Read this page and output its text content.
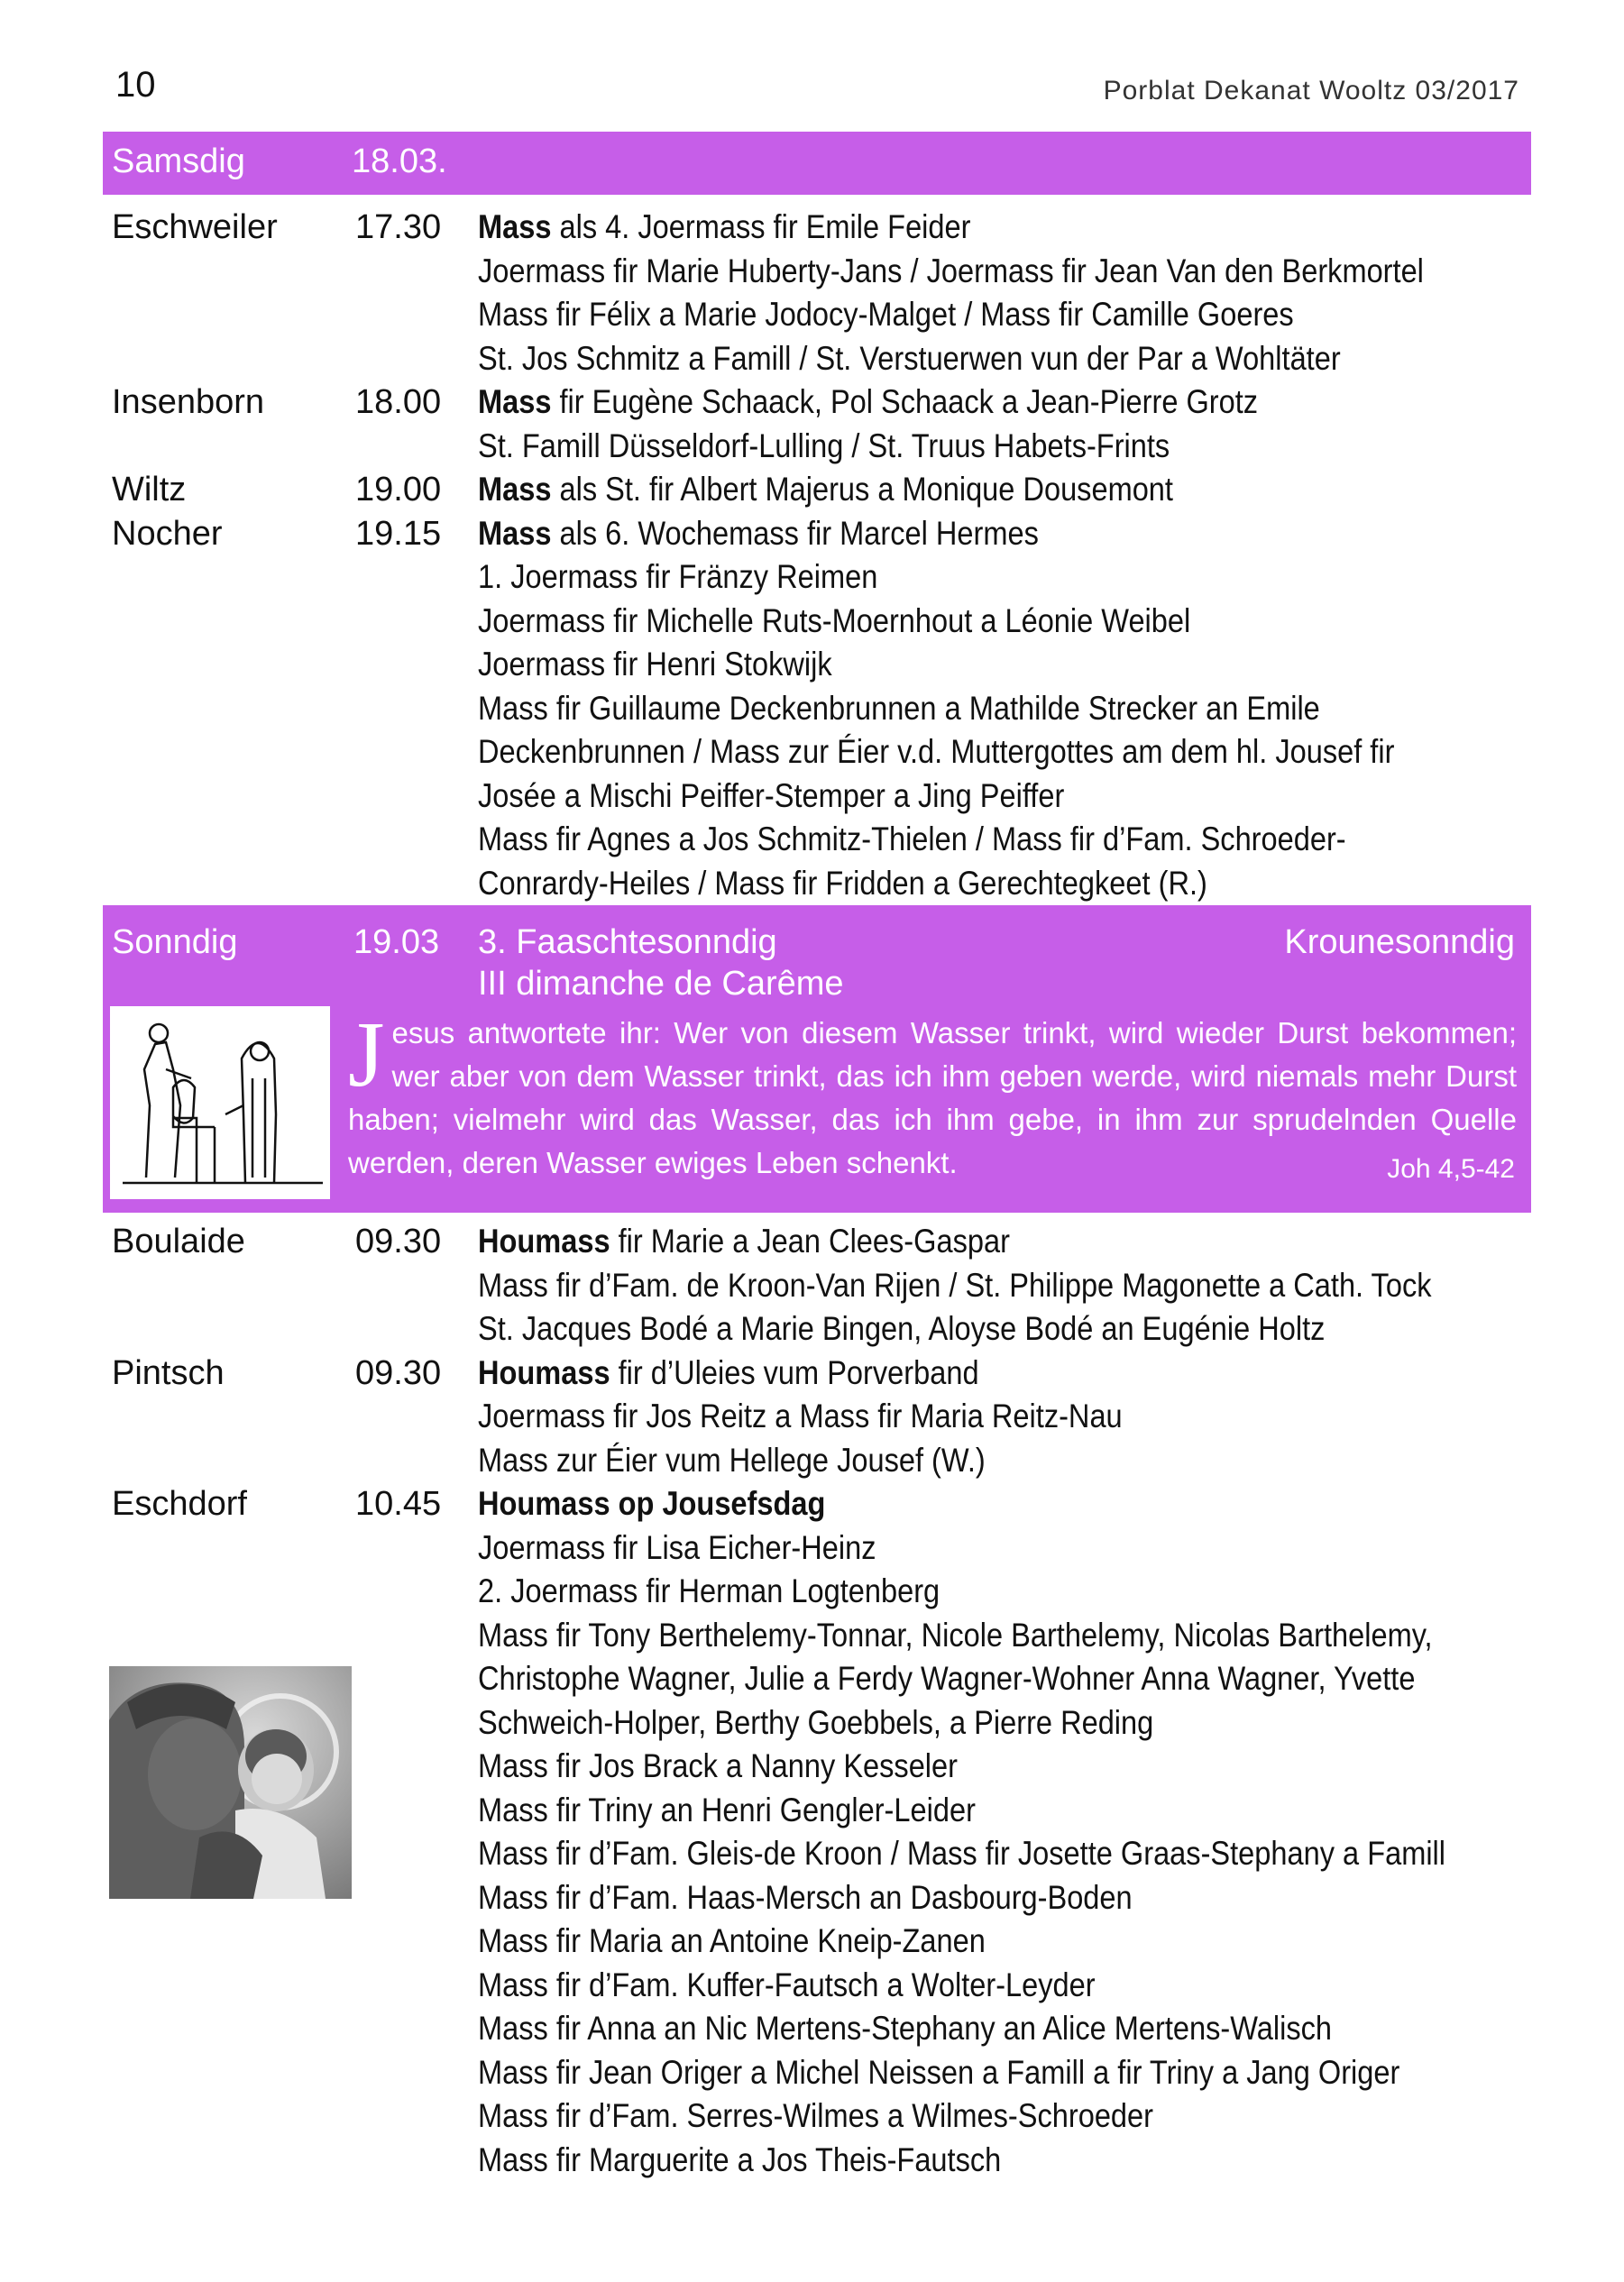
10	Porblat Dekanat Wooltz 03/2017
Samsdig	18.03.
Eschweiler 17.30 Mass als 4. Joermass fir Emile Feider
Joermass fir Marie Huberty-Jans / Joermass fir Jean Van den Berkmortel
Mass fir Félix a Marie Jodocy-Malget / Mass fir Camille Goeres
St. Jos Schmitz a Famill / St. Verstuerwen vun der Par a Wohltäter
Insenborn	18.00 Mass fir Eugène Schaack, Pol Schaack a Jean-Pierre Grotz
St. Famill Düsseldorf-Lulling / St. Truus Habets-Frints
Wiltz	19.00 Mass als St. fir Albert Majerus a Monique Dousemont
Nocher	19.15 Mass als 6. Wochemass fir Marcel Hermes
1. Joermass fir Fränzy Reimen
Joermass fir Michelle Ruts-Moernhout a Léonie Weibel
Joermass fir Henri Stokwijk
Mass fir Guillaume Deckenbrunnen a Mathilde Strecker an Emile
Deckenbrunnen / Mass zur Éier v.d. Muttergottes am dem hl. Jousef fir
Josée a Mischi Peiffer-Stemper a Jing Peiffer
Mass fir Agnes a Jos Schmitz-Thielen / Mass fir d’Fam. Schroeder-
Conrardy-Heiles / Mass fir Fridden a Gerechtegkeet (R.)
Sonndig	19.03 3. Faaschtesonndig
III dimanche de Carême
Krounesonndig
J esus antwortete ihr: Wer von diesem Wasser trinkt, wird wieder Durst bekommen; wer aber von dem Wasser trinkt, das ich ihm geben werde, wird niemals mehr Durst haben; vielmehr wird das Wasser, das ich ihm gebe, in ihm zur sprudelnden Quelle werden, deren Wasser ewiges Leben schenkt.	Joh 4,5-42
Boulaide	09.30 Houmass fir Marie a Jean Clees-Gaspar
Mass fir d’Fam. de Kroon-Van Rijen / St. Philippe Magonette a Cath. Tock
St. Jacques Bodé a Marie Bingen, Aloyse Bodé an Eugénie Holtz
Pintsch	09.30 Houmass fir d’Uleies vum Porverband
Joermass fir Jos Reitz a Mass fir Maria Reitz-Nau
Mass zur Éier vum Hellege Jousef (W.)
Eschdorf	10.45 Houmass op Jousefsdag
Joermass fir Lisa Eicher-Heinz
2. Joermass fir Herman Logtenberg
Mass fir Tony Berthelemy-Tonnar, Nicole Barthelemy, Nicolas Barthelemy,
Christophe Wagner, Julie a Ferdy Wagner-Wohner Anna Wagner, Yvette
Schweich-Holper, Berthy Goebbels, a Pierre Reding
Mass fir Jos Brack a Nanny Kesseler
Mass fir Triny an Henri Gengler-Leider
Mass fir d’Fam. Gleis-de Kroon / Mass fir Josette Graas-Stephany a Famill
Mass fir d’Fam. Haas-Mersch an Dasbourg-Boden
Mass fir Maria an Antoine Kneip-Zanen
Mass fir d’Fam. Kuffer-Fautsch a Wolter-Leyder
Mass fir Anna an Nic Mertens-Stephany an Alice Mertens-Walisch
Mass fir Jean Origer a Michel Neissen a Famill a fir Triny a Jang Origer
Mass fir d’Fam. Serres-Wilmes a Wilmes-Schroeder
Mass fir Marguerite a Jos Theis-Fautsch
